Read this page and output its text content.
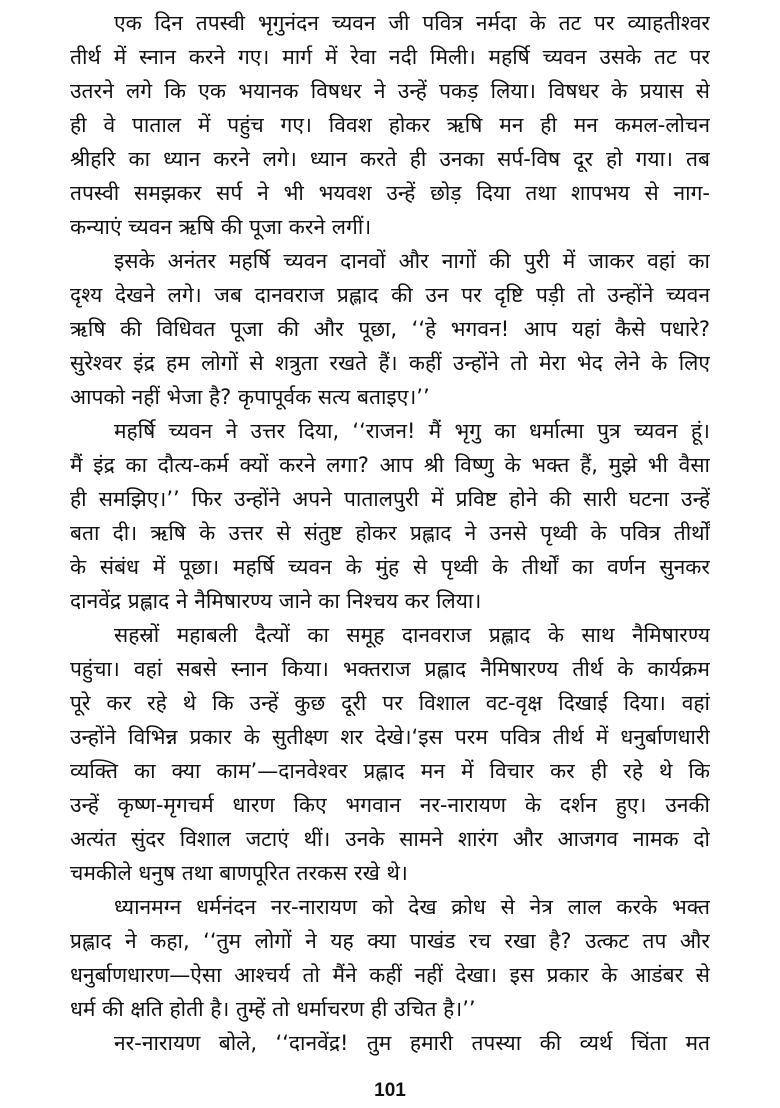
एक दिन तपस्वी भृगुनंदन च्यवन जी पवित्र नर्मदा के तट पर व्याहतीश्वर
तीर्थ में स्नान करने गए। मार्ग में रेवा नदी मिली। महर्षि च्यवन उसके तट पर
उतरने लगे कि एक भयानक विषधर ने उन्हें पकड़ लिया। विषधर के प्रयास से
ही वे पाताल में पहुंच गए। विवश होकर ऋषि मन ही मन कमल-लोचन
श्रीहरि का ध्यान करने लगे। ध्यान करते ही उनका सर्प-विष दूर हो गया। तब
तपस्वी समझकर सर्प ने भी भयवश उन्हें छोड़ दिया तथा शापभय से नाग-
कन्याएं च्यवन ऋषि की पूजा करने लगीं।
इसके अनंतर महर्षि च्यवन दानवों और नागों की पुरी में जाकर वहां का
दृश्य देखने लगे। जब दानवराज प्रह्लाद की उन पर दृष्टि पड़ी तो उन्होंने च्यवन
ऋषि की विधिवत पूजा की और पूछा, ‘‘हे भगवन! आप यहां कैसे पधारे?
सुरेश्वर इंद्र हम लोगों से शत्रुता रखते हैं। कहीं उन्होंने तो मेरा भेद लेने के लिए
आपको नहीं भेजा है? कृपापूर्वक सत्य बताइए।’’
महर्षि च्यवन ने उत्तर दिया, ‘‘राजन! मैं भृगु का धर्मात्मा पुत्र च्यवन हूं।
मैं इंद्र का दौत्य-कर्म क्यों करने लगा? आप श्री विष्णु के भक्त हैं, मुझे भी वैसा
ही समझिए।’’ फिर उन्होंने अपने पातालपुरी में प्रविष्ट होने की सारी घटना उन्हें
बता दी। ऋषि के उत्तर से संतुष्ट होकर प्रह्लाद ने उनसे पृथ्वी के पवित्र तीर्थों
के संबंध में पूछा। महर्षि च्यवन के मुंह से पृथ्वी के तीर्थों का वर्णन सुनकर
दानवेंद्र प्रह्लाद ने नैमिषारण्य जाने का निश्चय कर लिया।
सहस्रों महाबली दैत्यों का समूह दानवराज प्रह्लाद के साथ नैमिषारण्य
पहुंचा। वहां सबसे स्नान किया। भक्तराज प्रह्लाद नैमिषारण्य तीर्थ के कार्यक्रम
पूरे कर रहे थे कि उन्हें कुछ दूरी पर विशाल वट-वृक्ष दिखाई दिया। वहां
उन्होंने विभिन्न प्रकार के सुतीक्ष्ण शर देखे।‘इस परम पवित्र तीर्थ में धनुर्बाणधारी
व्यक्ति का क्या काम’—दानवेश्वर प्रह्लाद मन में विचार कर ही रहे थे कि
उन्हें कृष्ण-मृगचर्म धारण किए भगवान नर-नारायण के दर्शन हुए। उनकी
अत्यंत सुंदर विशाल जटाएं थीं। उनके सामने शारंग और आजगव नामक दो
चमकीले धनुष तथा बाणपूरित तरकस रखे थे।
ध्यानमग्न धर्मनंदन नर-नारायण को देख क्रोध से नेत्र लाल करके भक्त
प्रह्लाद ने कहा, ‘‘तुम लोगों ने यह क्या पाखंड रच रखा है? उत्कट तप और
धनुर्बाणधारण—ऐसा आश्चर्य तो मैंने कहीं नहीं देखा। इस प्रकार के आडंबर से
धर्म की क्षति होती है। तुम्हें तो धर्माचरण ही उचित है।’’
नर-नारायण बोले, ‘‘दानवेंद्र! तुम हमारी तपस्या की व्यर्थ चिंता मत
101
